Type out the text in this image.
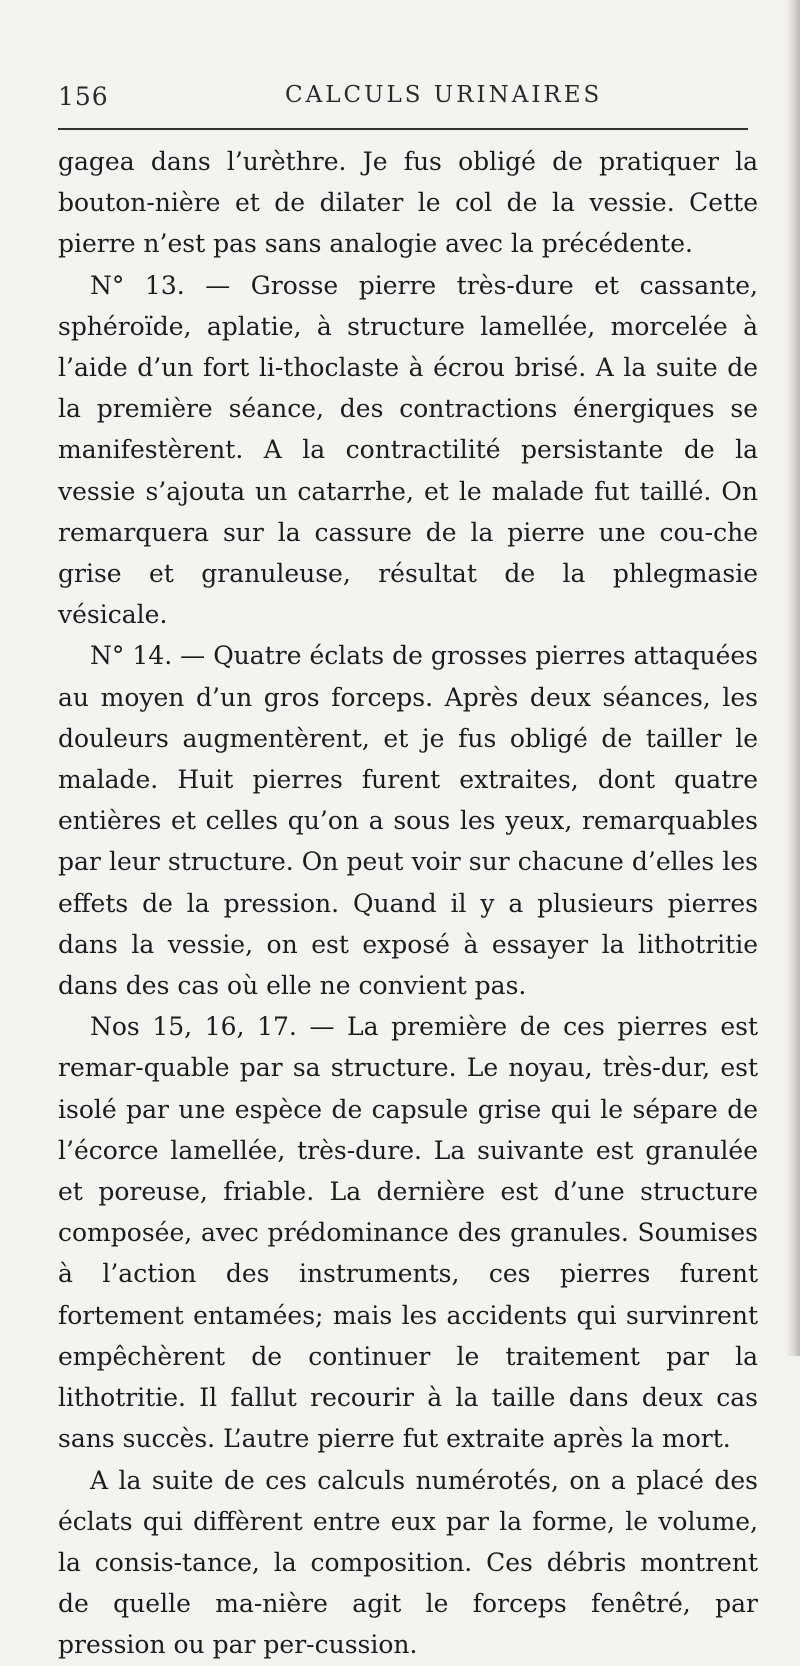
156	CALCULS URINAIRES

gagea dans l’urèthre. Je fus obligé de pratiquer la bouton-nière et de dilater le col de la vessie. Cette pierre n’est pas sans analogie avec la précédente.

N° 13. — Grosse pierre très-dure et cassante, sphéroïde, aplatie, à structure lamellée, morcelée à l’aide d’un fort li-thoclaste à écrou brisé. A la suite de la première séance, des contractions énergiques se manifestèrent. A la contractilité persistante de la vessie s’ajouta un catarrhe, et le malade fut taillé. On remarquera sur la cassure de la pierre une cou-che grise et granuleuse, résultat de la phlegmasie vésicale.

N° 14. — Quatre éclats de grosses pierres attaquées au moyen d’un gros forceps. Après deux séances, les douleurs augmentèrent, et je fus obligé de tailler le malade. Huit pierres furent extraites, dont quatre entières et celles qu’on a sous les yeux, remarquables par leur structure. On peut voir sur chacune d’elles les effets de la pression. Quand il y a plusieurs pierres dans la vessie, on est exposé à essayer la lithotritie dans des cas où elle ne convient pas.

Nos 15, 16, 17. — La première de ces pierres est remar-quable par sa structure. Le noyau, très-dur, est isolé par une espèce de capsule grise qui le sépare de l’écorce lamellée, très-dure. La suivante est granulée et poreuse, friable. La dernière est d’une structure composée, avec prédominance des granules. Soumises à l’action des instruments, ces pierres furent fortement entamées; mais les accidents qui survinrent empêchèrent de continuer le traitement par la lithotritie. Il fallut recourir à la taille dans deux cas sans succès. L’autre pierre fut extraite après la mort.

A la suite de ces calculs numérotés, on a placé des éclats qui diffèrent entre eux par la forme, le volume, la consis-tance, la composition. Ces débris montrent de quelle ma-nière agit le forceps fenêtré, par pression ou par per-cussion.
